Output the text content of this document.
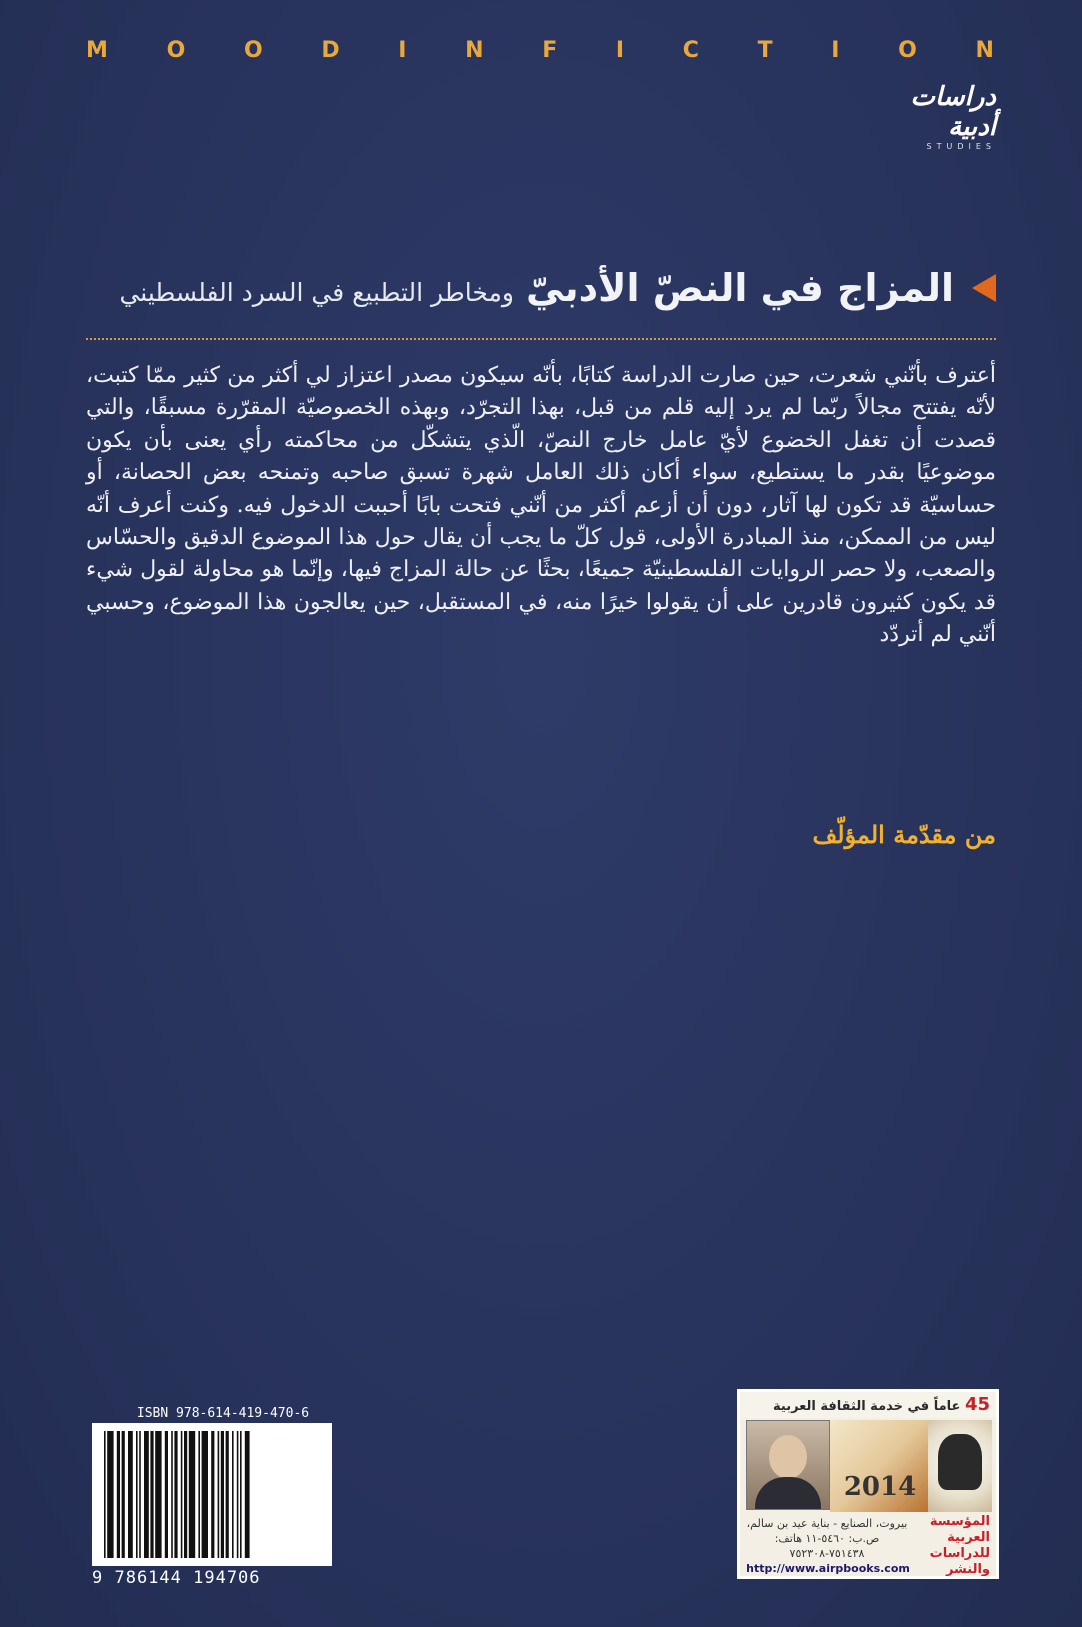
M	O	O	D	I	N	F	I	C	T	I	O	N
دراسات أدبية
STUDIES
المزاج في النصّ الأدبيّ
ومخاطر التطبيع في السرد الفلسطيني
أعترف بأنّني شعرت، حين صارت الدراسة كتابًا، بأنّه سيكون مصدر اعتزاز لي أكثر من كثير ممّا كتبت، لأنّه يفتتح مجالاً ربّما لم يرد إليه قلم من قبل، بهذا التجرّد، وبهذه الخصوصيّة المقرّرة مسبقًا، والتي قصدت أن تغفل الخضوع لأيّ عامل خارج النصّ، الّذي يتشكّل من محاكمته رأي يعنى بأن يكون موضوعيًا بقدر ما يستطيع، سواء أكان ذلك العامل شهرة تسبق صاحبه وتمنحه بعض الحصانة، أو حساسيّة قد تكون لها آثار، دون أن أزعم أكثر من أنّني فتحت بابًا أحببت الدخول فيه. وكنت أعرف أنّه ليس من الممكن، منذ المبادرة الأولى، قول كلّ ما يجب أن يقال حول هذا الموضوع الدقيق والحسّاس والصعب، ولا حصر الروايات الفلسطينيّة جميعًا، بحثًا عن حالة المزاج فيها، وإنّما هو محاولة لقول شيء قد يكون كثيرون قادرين على أن يقولوا خيرًا منه، في المستقبل، حين يعالجون هذا الموضوع، وحسبي أنّني لم أتردّد
من مقدّمة المؤلّف
ISBN 978-614-419-470-6
9 786144 194706
45 عاماً في خدمة الثقافة العربية
2014
بيروت، الصنايع - بناية عيد بن سالم، ص.ب: ٥٤٦٠-١١ هاتف: ٧٥١٤٣٨-٧٥٢٣٠٨
http://www.airpbooks.com
المؤسسة العربية للدراسات والنشر
